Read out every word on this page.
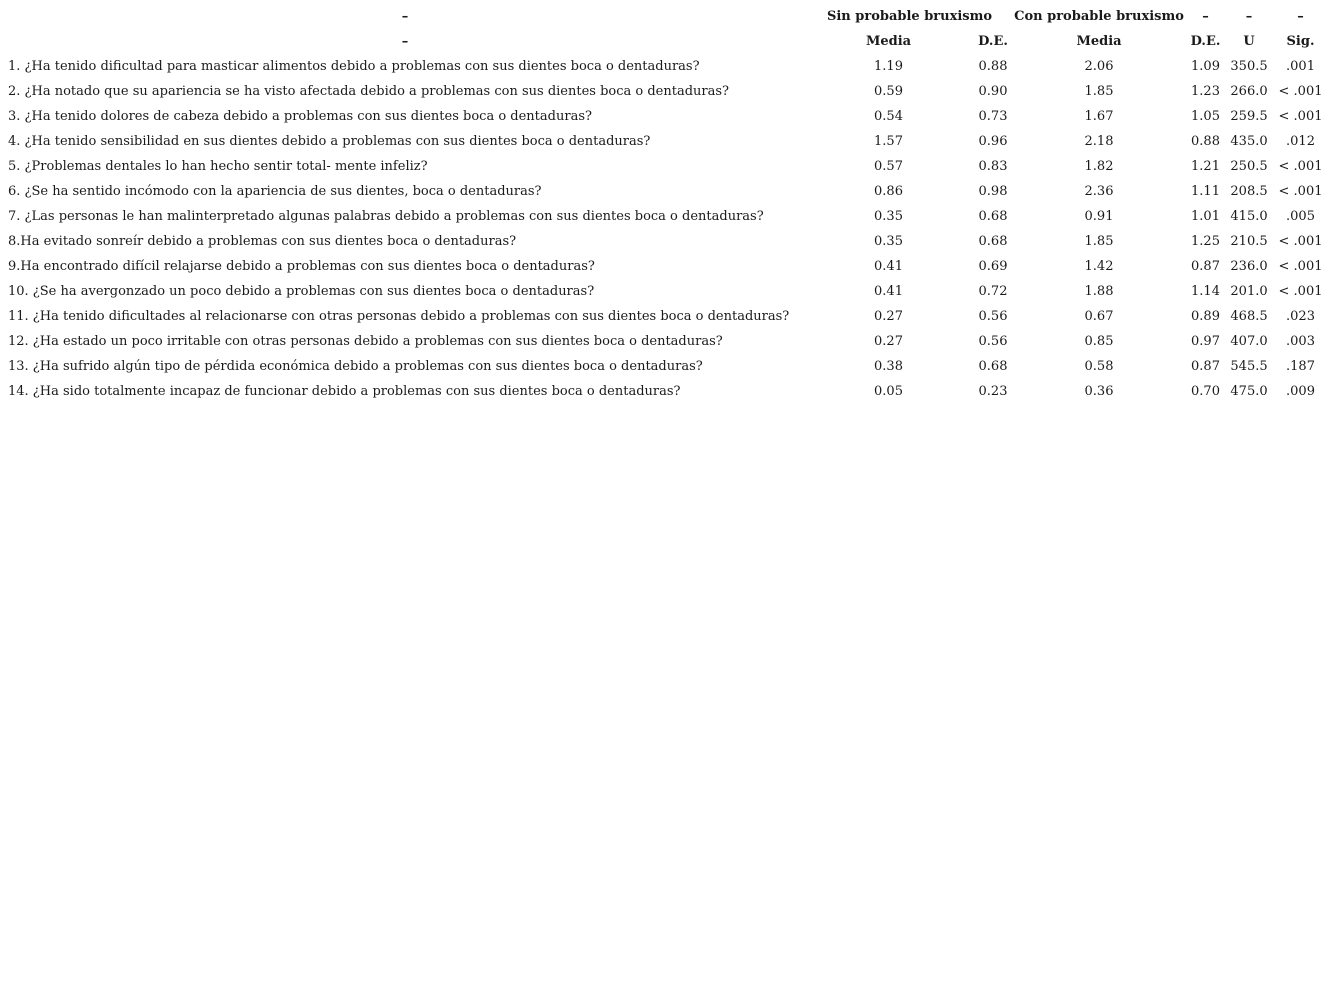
–	Sin probable bruxismo		Con probable bruxismo	–	–	–
–	Media	D.E.	Media	D.E.	U	Sig.
1. ¿Ha tenido dificultad para masticar alimentos debido a problemas con sus dientes boca o dentaduras?	1.19	0.88	2.06	1.09	350.5	.001
2. ¿Ha notado que su apariencia se ha visto afectada debido a problemas con sus dientes boca o dentaduras?	0.59	0.90	1.85	1.23	266.0	< .001
3. ¿Ha tenido dolores de cabeza debido a problemas con sus dientes boca o dentaduras?	0.54	0.73	1.67	1.05	259.5	< .001
4. ¿Ha tenido sensibilidad en sus dientes debido a problemas con sus dientes boca o dentaduras?	1.57	0.96	2.18	0.88	435.0	.012
5. ¿Problemas dentales lo han hecho sentir total- mente infeliz?	0.57	0.83	1.82	1.21	250.5	< .001
6. ¿Se ha sentido incómodo con la apariencia de sus dientes, boca o dentaduras?	0.86	0.98	2.36	1.11	208.5	< .001
7. ¿Las personas le han malinterpretado algunas palabras debido a problemas con sus dientes boca o dentaduras?	0.35	0.68	0.91	1.01	415.0	.005
8.Ha evitado sonreír debido a problemas con sus dientes boca o dentaduras?	0.35	0.68	1.85	1.25	210.5	< .001
9.Ha encontrado difícil relajarse debido a problemas con sus dientes boca o dentaduras?	0.41	0.69	1.42	0.87	236.0	< .001
10. ¿Se ha avergonzado un poco debido a problemas con sus dientes boca o dentaduras?	0.41	0.72	1.88	1.14	201.0	< .001
11. ¿Ha tenido dificultades al relacionarse con otras personas debido a problemas con sus dientes boca o dentaduras?	0.27	0.56	0.67	0.89	468.5	.023
12. ¿Ha estado un poco irritable con otras personas debido a problemas con sus dientes boca o dentaduras?	0.27	0.56	0.85	0.97	407.0	.003
13. ¿Ha sufrido algún tipo de pérdida económica debido a problemas con sus dientes boca o dentaduras?	0.38	0.68	0.58	0.87	545.5	.187
14. ¿Ha sido totalmente incapaz de funcionar debido a problemas con sus dientes boca o dentaduras?	0.05	0.23	0.36	0.70	475.0	.009
